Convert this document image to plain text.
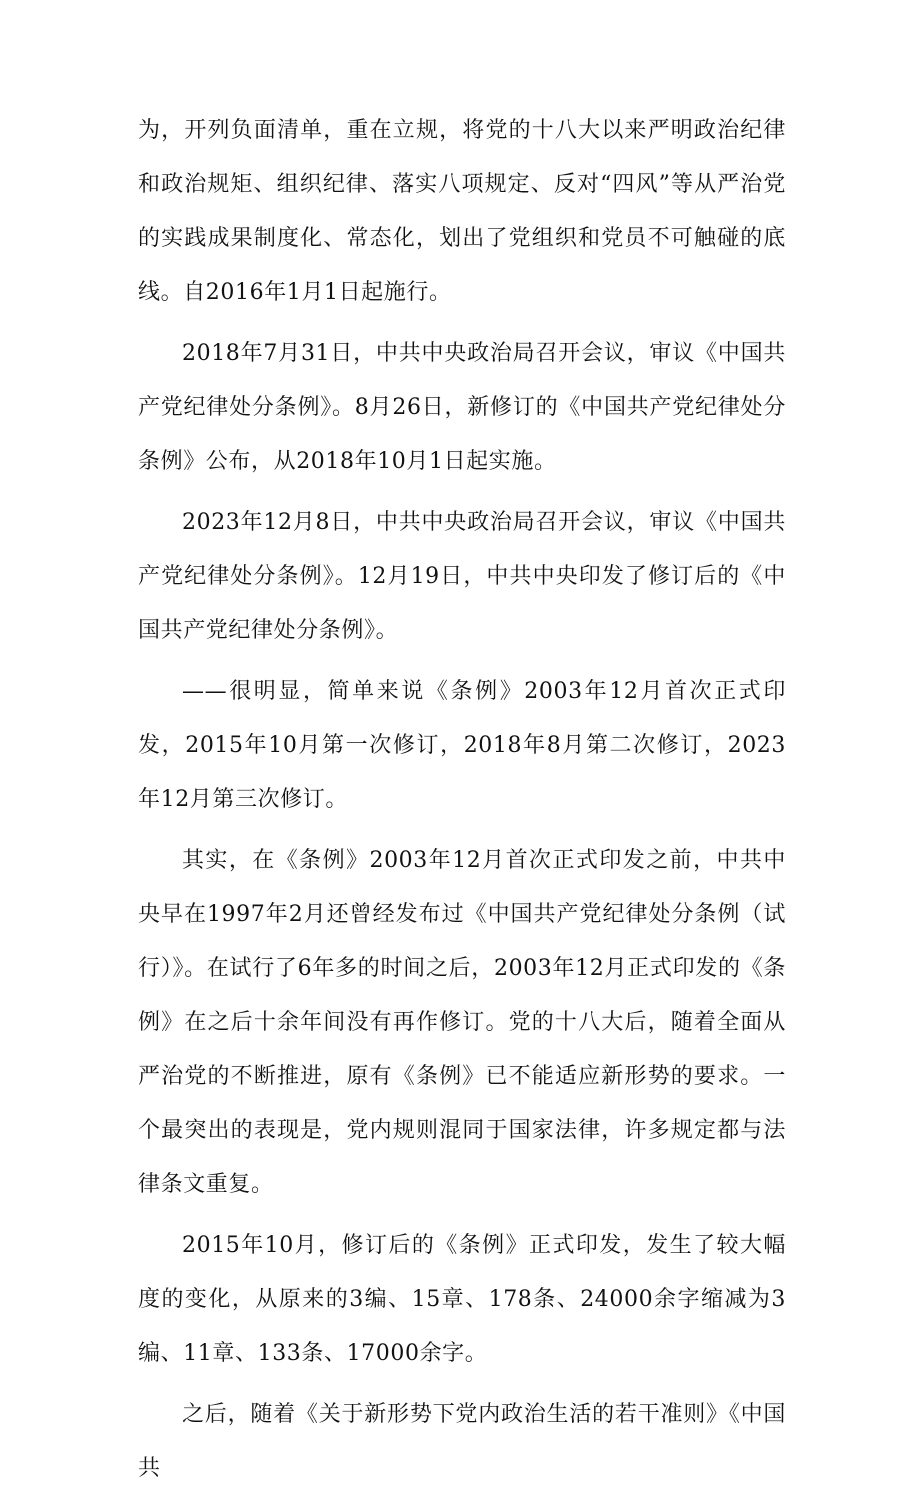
为，开列负面清单，重在立规，将党的十八大以来严明政治纪律和政治规矩、组织纪律、落实八项规定、反对“四风”等从严治党的实践成果制度化、常态化，划出了党组织和党员不可触碰的底线。自2016年1月1日起施行。

2018年7月31日，中共中央政治局召开会议，审议《中国共产党纪律处分条例》。8月26日，新修订的《中国共产党纪律处分条例》公布，从2018年10月1日起实施。

2023年12月8日，中共中央政治局召开会议，审议《中国共产党纪律处分条例》。12月19日，中共中央印发了修订后的《中国共产党纪律处分条例》。

——很明显，简单来说《条例》2003年12月首次正式印发，2015年10月第一次修订，2018年8月第二次修订，2023年12月第三次修订。

其实，在《条例》2003年12月首次正式印发之前，中共中央早在1997年2月还曾经发布过《中国共产党纪律处分条例（试行）》。在试行了6年多的时间之后，2003年12月正式印发的《条例》在之后十余年间没有再作修订。党的十八大后，随着全面从严治党的不断推进，原有《条例》已不能适应新形势的要求。一个最突出的表现是，党内规则混同于国家法律，许多规定都与法律条文重复。

2015年10月，修订后的《条例》正式印发，发生了较大幅度的变化，从原来的3编、15章、178条、24000余字缩减为3编、11章、133条、17000余字。

之后，随着《关于新形势下党内政治生活的若干准则》《中国共
